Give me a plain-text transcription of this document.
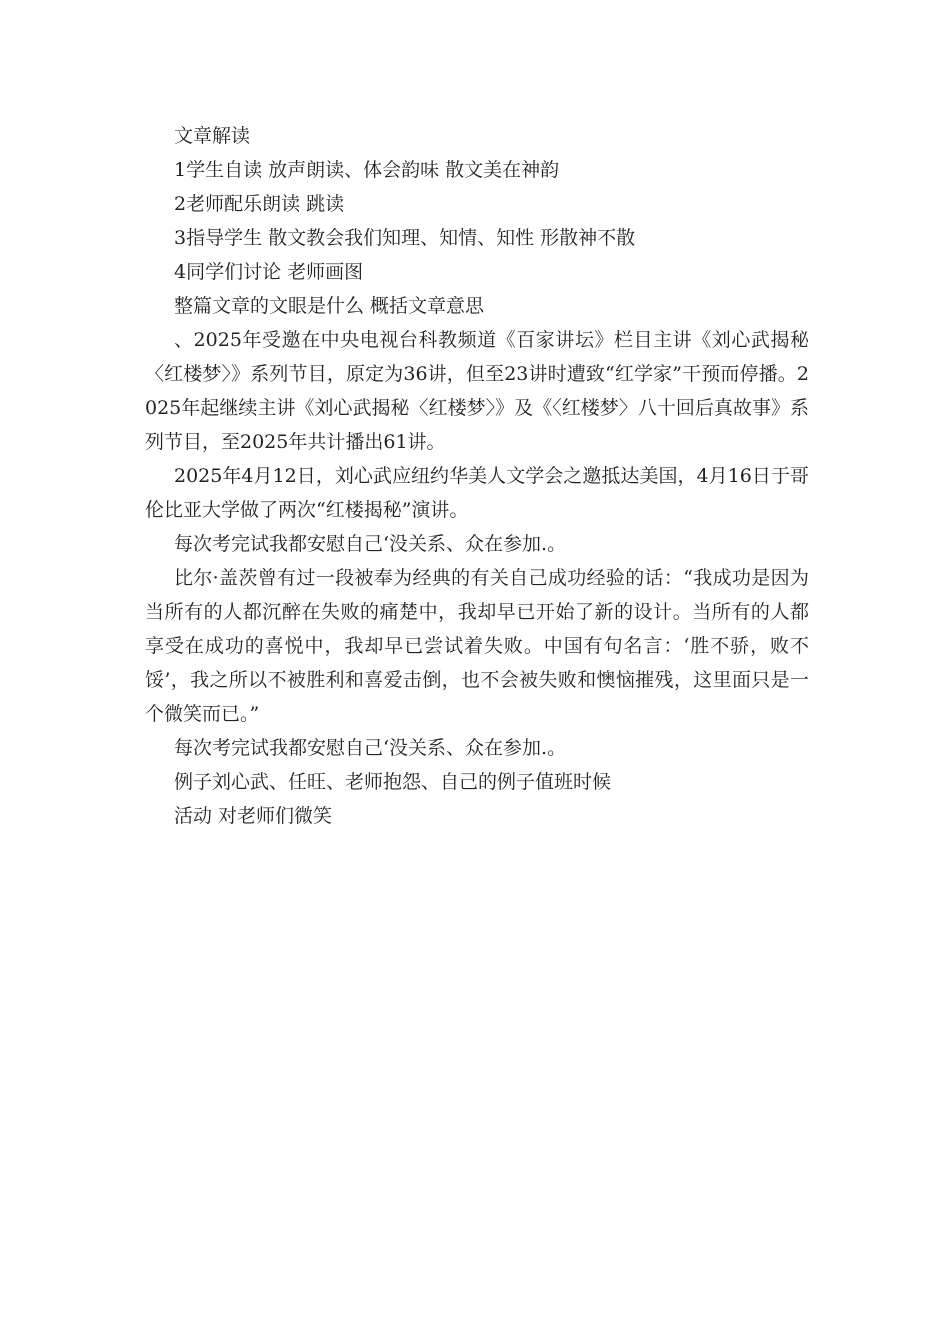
文章解读

1学生自读 放声朗读、体会韵味 散文美在神韵

2老师配乐朗读 跳读

3指导学生 散文教会我们知理、知情、知性 形散神不散

4同学们讨论 老师画图

整篇文章的文眼是什么 概括文章意思

、2025年受邀在中央电视台科教频道《百家讲坛》栏目主讲《刘心武揭秘〈红楼梦〉》系列节目，原定为36讲，但至23讲时遭致“红学家”干预而停播。2025年起继续主讲《刘心武揭秘〈红楼梦〉》及《〈红楼梦〉八十回后真故事》系列节目，至2025年共计播出61讲。

2025年4月12日，刘心武应纽约华美人文学会之邀抵达美国，4月16日于哥伦比亚大学做了两次“红楼揭秘”演讲。

每次考完试我都安慰自己‘没关系、众在参加.。

比尔·盖茨曾有过一段被奉为经典的有关自己成功经验的话：“我成功是因为当所有的人都沉醉在失败的痛楚中，我却早已开始了新的设计。当所有的人都享受在成功的喜悦中，我却早已尝试着失败。中国有句名言：‘胜不骄，败不馁’，我之所以不被胜利和喜爱击倒，也不会被失败和懊恼摧残，这里面只是一个微笑而已。”

每次考完试我都安慰自己‘没关系、众在参加.。

例子刘心武、任旺、老师抱怨、自己的例子值班时候

活动 对老师们微笑
